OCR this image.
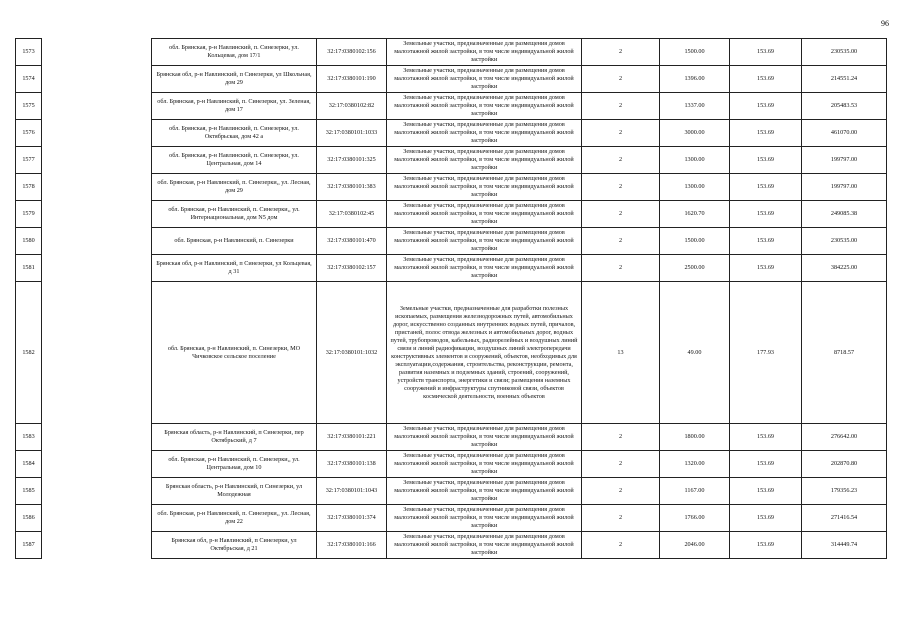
96
1573		обл. Брянская, р-н Навлинский, п. Синезерки, ул. Кольцевая, дом 17/1	32:17:0380102:156	Земельные участки, предназначенные для размещения домов малоэтажной жилой застройки, в том числе индивидуальной жилой застройки	2	1500.00	153.69	230535.00
1574		Брянская обл, р-н Навлинский, п Синезерки, ул Школьная, дом 29	32:17:0380101:190	Земельные участки, предназначенные для размещения домов малоэтажной жилой застройки, в том числе индивидуальной жилой застройки	2	1396.00	153.69	214551.24
1575		обл. Брянская, р-н Навлинский, п. Синезерки, ул. Зеленая, дом 17	32:17:0380102:82	Земельные участки, предназначенные для размещения домов малоэтажной жилой застройки, в том числе индивидуальной жилой застройки	2	1337.00	153.69	205483.53
1576		обл. Брянская, р-н Навлинский, п. Синезерки, ул. Октябрьская, дом 42 а	32:17:0380101:1033	Земельные участки, предназначенные для размещения домов малоэтажной жилой застройки, в том числе индивидуальной жилой застройки	2	3000.00	153.69	461070.00
1577		обл. Брянская, р-н Навлинский, п. Синезерки, ул. Центральная, дом 14	32:17:0380101:325	Земельные участки, предназначенные для размещения домов малоэтажной жилой застройки, в том числе индивидуальной жилой застройки	2	1300.00	153.69	199797.00
1578		обл. Брянская, р-н Навлинский, п. Синезерки,, ул. Лесная, дом 29	32:17:0380101:383	Земельные участки, предназначенные для размещения домов малоэтажной жилой застройки, в том числе индивидуальной жилой застройки	2	1300.00	153.69	199797.00
1579		обл. Брянская, р-н Навлинский, п. Синезерки,, ул. Интернациональная, дом N5 дом	32:17:0380102:45	Земельные участки, предназначенные для размещения домов малоэтажной жилой застройки, в том числе индивидуальной жилой застройки	2	1620.70	153.69	249085.38
1580		обл. Брянская, р-н Навлинский, п. Синезерки	32:17:0380101:470	Земельные участки, предназначенные для размещения домов малоэтажной жилой застройки, в том числе индивидуальной жилой застройки	2	1500.00	153.69	230535.00
1581		Брянская обл, р-н Навлинский, п Синезерки, ул Кольцевая, д 31	32:17:0380102:157	Земельные участки, предназначенные для размещения домов малоэтажной жилой застройки, в том числе индивидуальной жилой застройки	2	2500.00	153.69	384225.00
1582		обл. Брянская, р-н Навлинский, п. Синезерки, МО Чичковское сельское поселение	32:17:0380101:1032	Земельные участки, предназначенные для разработки полезных ископаемых, размещения железнодорожных путей, автомобильных дорог, искусственно созданных внутренних водных путей, причалов, пристаней, полос отвода железных и автомобильных дорог, водных путей, трубопроводов, кабельных, радиорелейных и воздушных линий связи и линий радиофикации, воздушных линий электропередачи конструктивных элементов и сооружений, объектов, необходимых для эксплуатации,содержания, строительства, реконструкции, ремонта, развития наземных и подземных зданий, строений, сооружений, устройств транспорта, энергетики и связи; размещения наземных сооружений и инфраструктуры спутниковой связи, объектов космической деятельности, военных объектов	13	49.00	177.93	8718.57
1583		Брянская область, р-н Навлинский, п Синезерки, пер Октябрьский, д 7	32:17:0380101:221	Земельные участки, предназначенные для размещения домов малоэтажной жилой застройки, в том числе индивидуальной жилой застройки	2	1800.00	153.69	276642.00
1584		обл. Брянская, р-н Навлинский, п. Синезерки,, ул. Центральная, дом 10	32:17:0380101:138	Земельные участки, предназначенные для размещения домов малоэтажной жилой застройки, в том числе индивидуальной жилой застройки	2	1320.00	153.69	202870.80
1585		Брянская область, р-н Навлинский, п Синезерки, ул Молодежная	32:17:0380101:1043	Земельные участки, предназначенные для размещения домов малоэтажной жилой застройки, в том числе индивидуальной жилой застройки	2	1167.00	153.69	179356.23
1586		обл. Брянская, р-н Навлинский, п. Синезерки,, ул. Лесная, дом 22	32:17:0380101:374	Земельные участки, предназначенные для размещения домов малоэтажной жилой застройки, в том числе индивидуальной жилой застройки	2	1766.00	153.69	271416.54
1587		Брянская обл, р-н Навлинский, п Синезерки, ул Октябрьская, д 21	32:17:0380101:166	Земельные участки, предназначенные для размещения домов малоэтажной жилой застройки, в том числе индивидуальной жилой застройки	2	2046.00	153.69	314449.74
